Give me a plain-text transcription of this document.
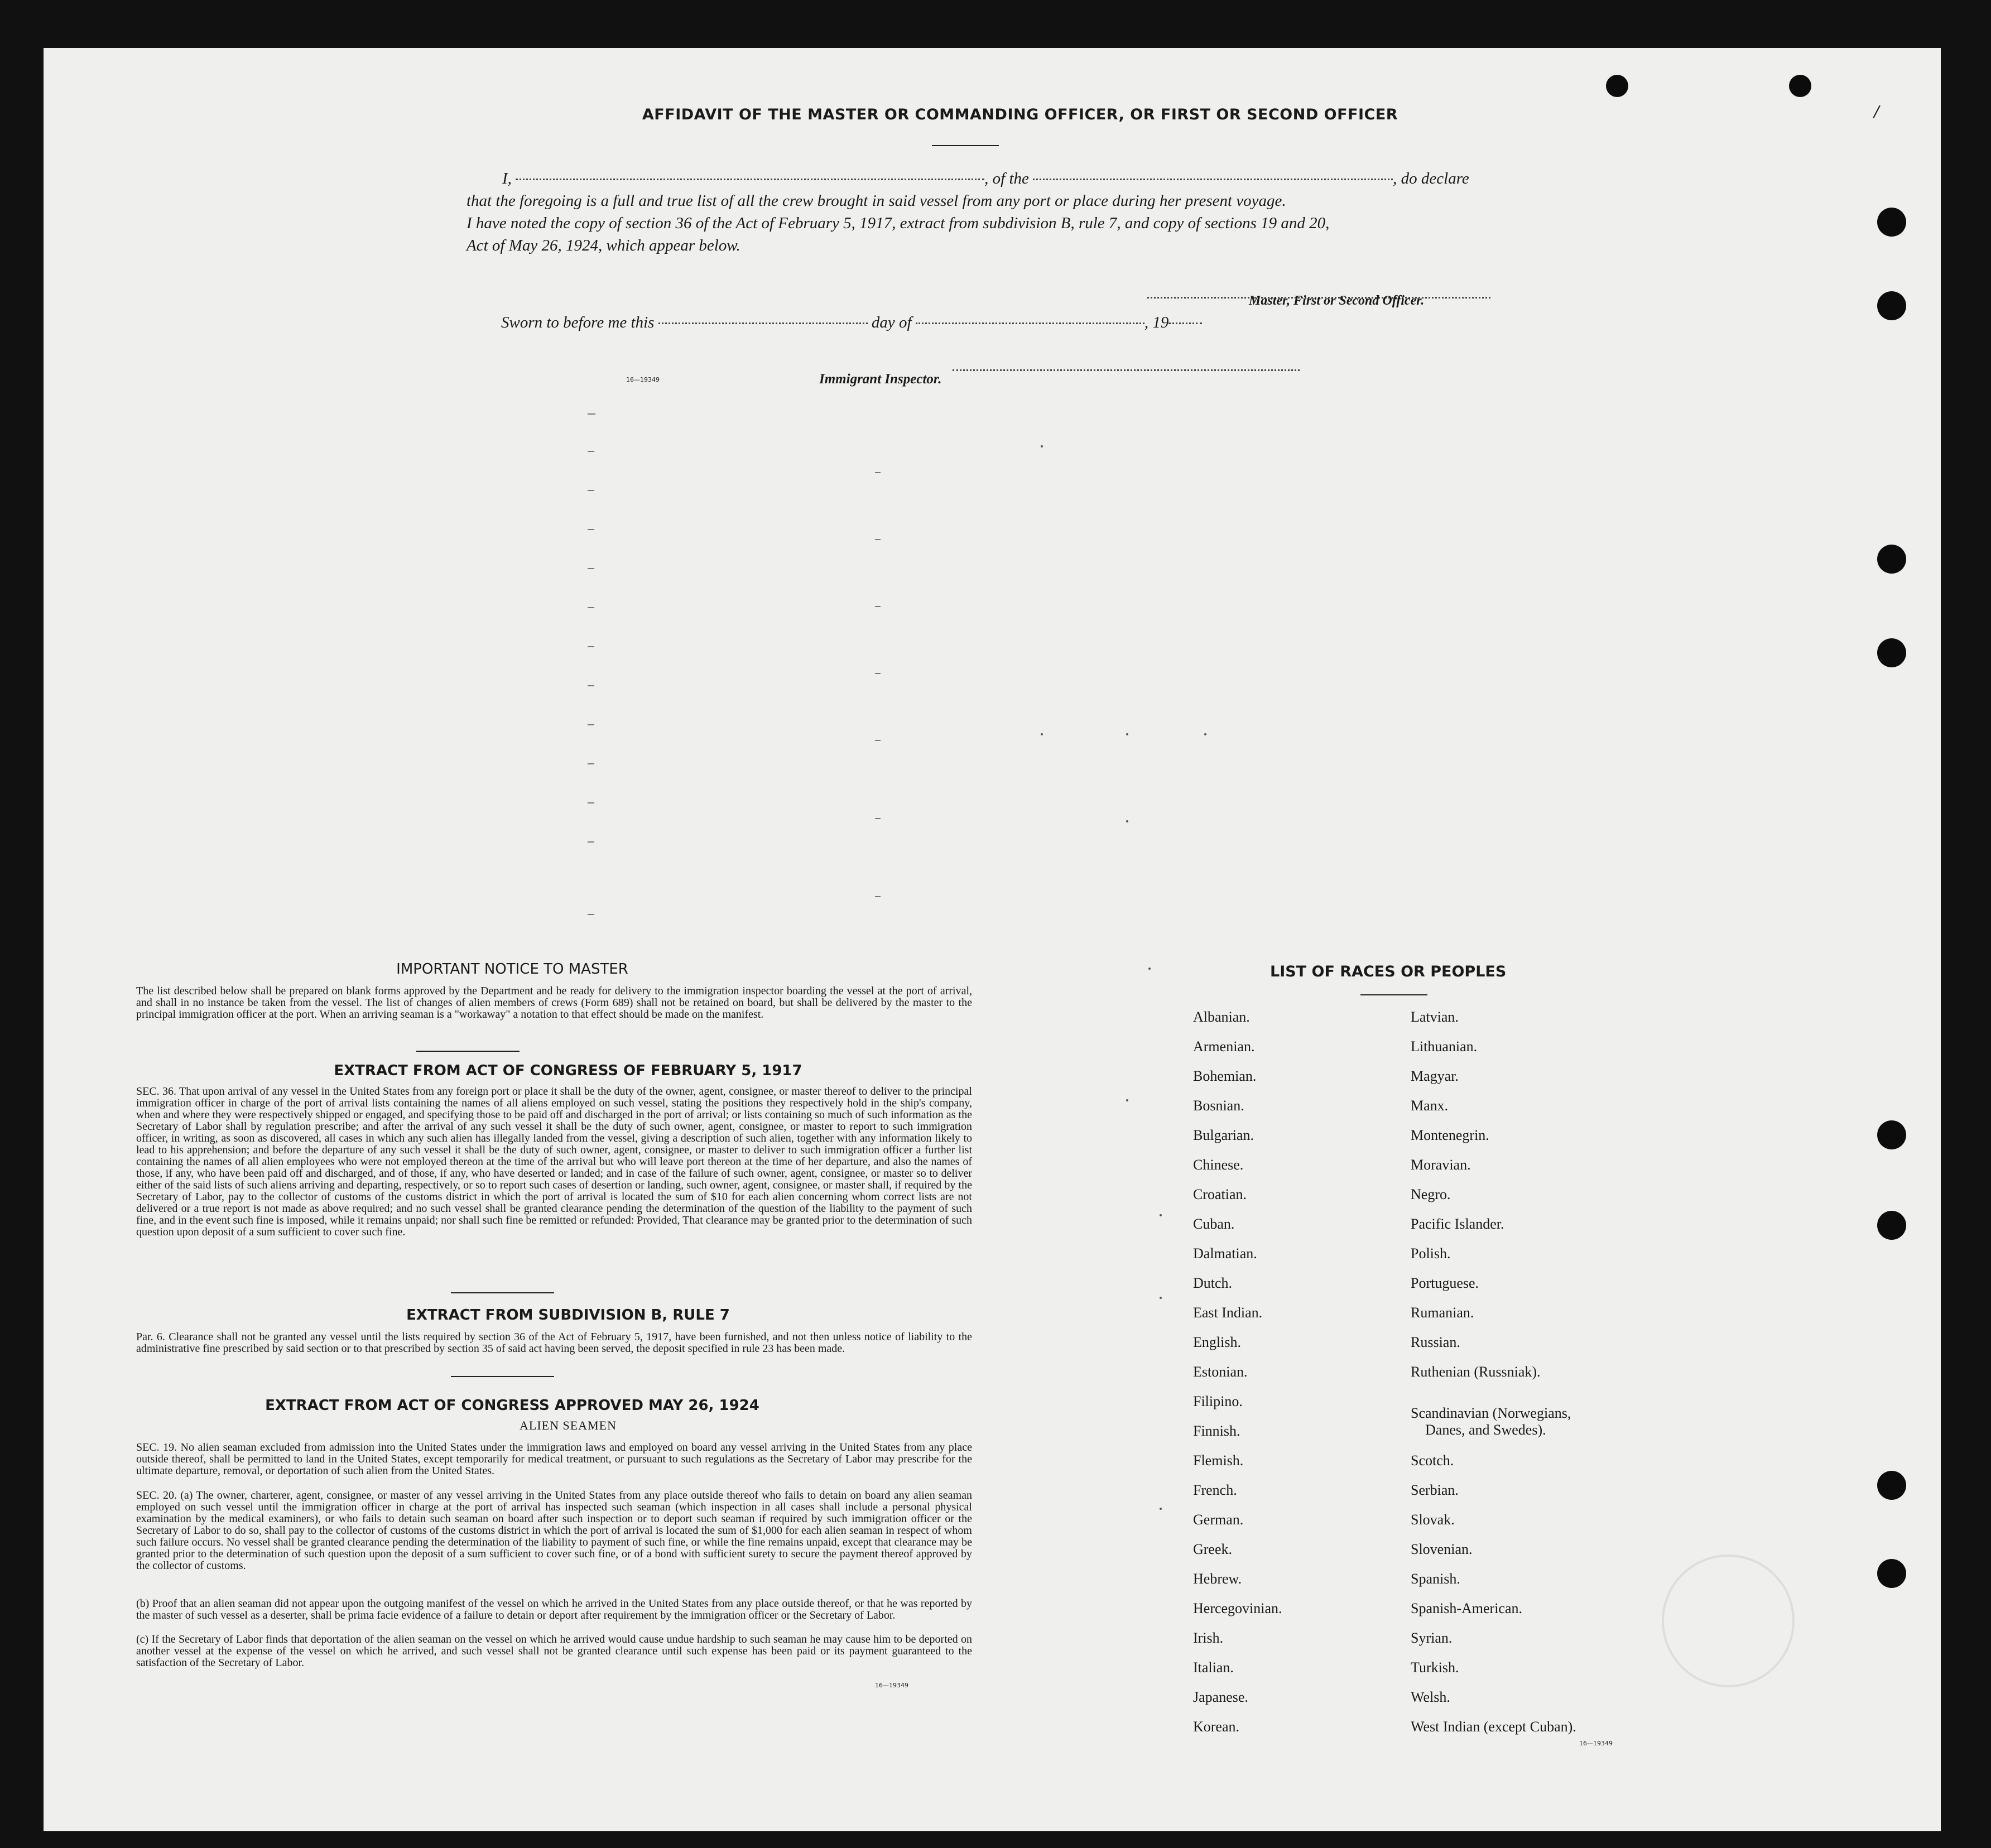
AFFIDAVIT OF THE MASTER OR COMMANDING OFFICER, OR FIRST OR SECOND OFFICER
I,	, of the	, do declare
that the foregoing is a full and true list of all the crew brought in said vessel from any port or place during her present voyage.
I have noted the copy of section 36 of the Act of February 5, 1917, extract from subdivision B, rule 7, and copy of sections 19 and 20,
Act of May 26, 1924, which appear below.

Master, First or Second Officer.
Sworn to before me this	day of	, 19
16—19349	Immigrant Inspector.
IMPORTANT NOTICE TO MASTER
The list described below shall be prepared on blank forms approved by the Department and be ready for delivery to the immigration inspector boarding the vessel at the port of arrival, and shall in no instance be taken from the vessel. The list of changes of alien members of crews (Form 689) shall not be retained on board, but shall be delivered by the master to the principal immigration officer at the port. When an arriving seaman is a "workaway" a notation to that effect should be made on the manifest.
EXTRACT FROM ACT OF CONGRESS OF FEBRUARY 5, 1917
SEC. 36. That upon arrival of any vessel in the United States from any foreign port or place it shall be the duty of the owner, agent, consignee, or master thereof to deliver to the principal immigration officer in charge of the port of arrival lists containing the names of all aliens employed on such vessel, stating the positions they respectively hold in the ship's company, when and where they were respectively shipped or engaged, and specifying those to be paid off and discharged in the port of arrival; or lists containing so much of such information as the Secretary of Labor shall by regulation prescribe; and after the arrival of any such vessel it shall be the duty of such owner, agent, consignee, or master to report to such immigration officer, in writing, as soon as discovered, all cases in which any such alien has illegally landed from the vessel, giving a description of such alien, together with any information likely to lead to his apprehension; and before the departure of any such vessel it shall be the duty of such owner, agent, consignee, or master to deliver to such immigration officer a further list containing the names of all alien employees who were not employed thereon at the time of the arrival but who will leave port thereon at the time of her departure, and also the names of those, if any, who have been paid off and discharged, and of those, if any, who have deserted or landed; and in case of the failure of such owner, agent, consignee, or master so to deliver either of the said lists of such aliens arriving and departing, respectively, or so to report such cases of desertion or landing, such owner, agent, consignee, or master shall, if required by the Secretary of Labor, pay to the collector of customs of the customs district in which the port of arrival is located the sum of $10 for each alien concerning whom correct lists are not delivered or a true report is not made as above required; and no such vessel shall be granted clearance pending the determination of the question of the liability to the payment of such fine, and in the event such fine is imposed, while it remains unpaid; nor shall such fine be remitted or refunded: Provided, That clearance may be granted prior to the determination of such question upon deposit of a sum sufficient to cover such fine.
EXTRACT FROM SUBDIVISION B, RULE 7
Par. 6. Clearance shall not be granted any vessel until the lists required by section 36 of the Act of February 5, 1917, have been furnished, and not then unless notice of liability to the administrative fine prescribed by said section or to that prescribed by section 35 of said act having been served, the deposit specified in rule 23 has been made.
EXTRACT FROM ACT OF CONGRESS APPROVED MAY 26, 1924
ALIEN SEAMEN
SEC. 19. No alien seaman excluded from admission into the United States under the immigration laws and employed on board any vessel arriving in the United States from any place outside thereof, shall be permitted to land in the United States, except temporarily for medical treatment, or pursuant to such regulations as the Secretary of Labor may prescribe for the ultimate departure, removal, or deportation of such alien from the United States.
SEC. 20. (a) The owner, charterer, agent, consignee, or master of any vessel arriving in the United States from any place outside thereof who fails to detain on board any alien seaman employed on such vessel until the immigration officer in charge at the port of arrival has inspected such seaman (which inspection in all cases shall include a personal physical examination by the medical examiners), or who fails to detain such seaman on board after such inspection or to deport such seaman if required by such immigration officer or the Secretary of Labor to do so, shall pay to the collector of customs of the customs district in which the port of arrival is located the sum of $1,000 for each alien seaman in respect of whom such failure occurs. No vessel shall be granted clearance pending the determination of the liability to payment of such fine, or while the fine remains unpaid, except that clearance may be granted prior to the determination of such question upon the deposit of a sum sufficient to cover such fine, or of a bond with sufficient surety to secure the payment thereof approved by the collector of customs.
(b) Proof that an alien seaman did not appear upon the outgoing manifest of the vessel on which he arrived in the United States from any place outside thereof, or that he was reported by the master of such vessel as a deserter, shall be prima facie evidence of a failure to detain or deport after requirement by the immigration officer or the Secretary of Labor.
(c) If the Secretary of Labor finds that deportation of the alien seaman on the vessel on which he arrived would cause undue hardship to such seaman he may cause him to be deported on another vessel at the expense of the vessel on which he arrived, and such vessel shall not be granted clearance until such expense has been paid or its payment guaranteed to the satisfaction of the Secretary of Labor.
16—19349
LIST OF RACES OR PEOPLES
Albanian.
Armenian.
Bohemian.
Bosnian.
Bulgarian.
Chinese.
Croatian.
Cuban.
Dalmatian.
Dutch.
East Indian.
English.
Estonian.
Filipino.
Finnish.
Flemish.
French.
German.
Greek.
Hebrew.
Hercegovinian.
Irish.
Italian.
Japanese.
Korean.
Latvian.
Lithuanian.
Magyar.
Manx.
Montenegrin.
Moravian.
Negro.
Pacific Islander.
Polish.
Portuguese.
Rumanian.
Russian.
Ruthenian (Russniak).
Scandinavian (Norwegians,
Danes, and Swedes).
Scotch.
Serbian.
Slovak.
Slovenian.
Spanish.
Spanish-American.
Syrian.
Turkish.
Welsh.
West Indian (except Cuban).
16—19349
/
